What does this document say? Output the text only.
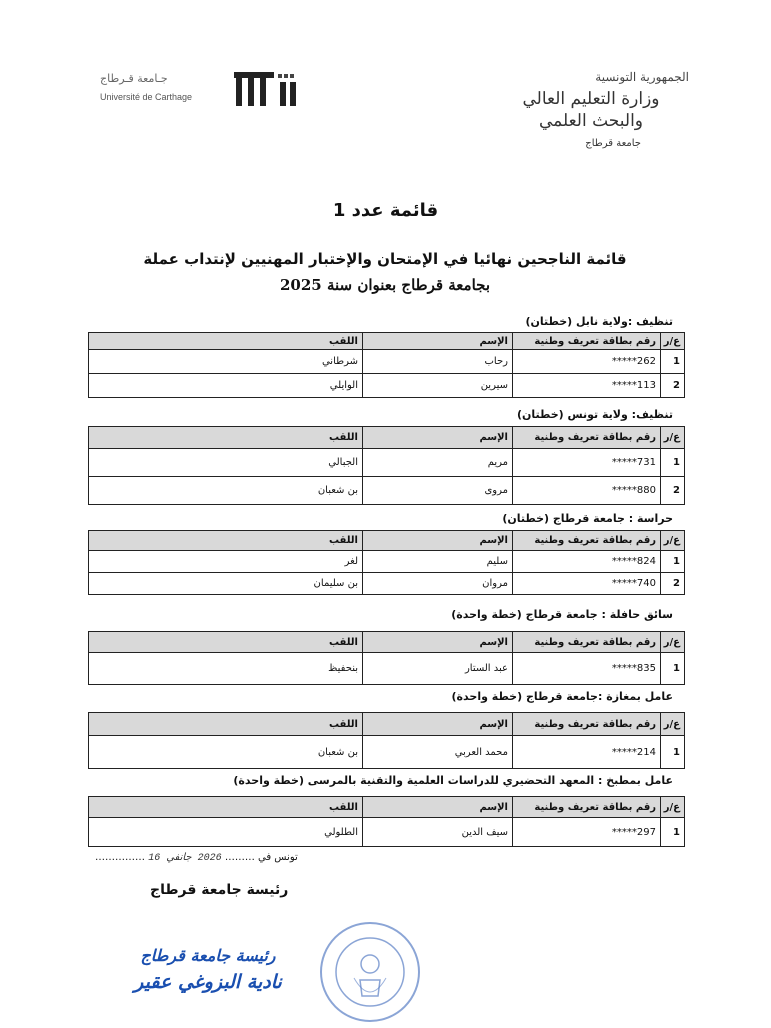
جـامعة قـرطاج
Université de Carthage
الجمهورية التونسية
وزارة التعليم العالي
والبحث العلمي
جامعة قرطاج
قائمة عدد 1
قائمة الناجحين نهائيا في الإمتحان والإختبار المهنيين لإنتداب عملة
بجامعة قرطاج بعنوان سنة 2025
تنظيف :ولاية نابل (خطتان)
ع/ر	رقم بطاقة تعريف وطنية	الإسم	اللقب
1	262*****	رحاب	شرطاني
2	113*****	سيرين	الوايلي
تنظيف: ولاية تونس (خطتان)
ع/ر	رقم بطاقة تعريف وطنية	الإسم	اللقب
1	731*****	مريم	الجبالي
2	880*****	مروى	بن شعبان
حراسة : جامعة قرطاج (خطتان)
ع/ر	رقم بطاقة تعريف وطنية	الإسم	اللقب
1	824*****	سليم	لغر
2	740*****	مروان	بن سليمان
سائق حافلة : جامعة قرطاج (خطة واحدة)
ع/ر	رقم بطاقة تعريف وطنية	الإسم	اللقب
1	835*****	عبد الستار	بنحفيظ
عامل بمغازة :جامعة قرطاج (خطة واحدة)
ع/ر	رقم بطاقة تعريف وطنية	الإسم	اللقب
1	214*****	محمد العربي	بن شعبان
عامل بمطبخ : المعهد التحضيري للدراسات العلمية والتقنية بالمرسى (خطة واحدة)
ع/ر	رقم بطاقة تعريف وطنية	الإسم	اللقب
1	297*****	سيف الدين	الطلولي
تونس في ……… 2026 جانفي 16 ……………
رئيسة جامعة قرطاج
رئيسة جامعة قرطاج
نادية البزوغي عقير
